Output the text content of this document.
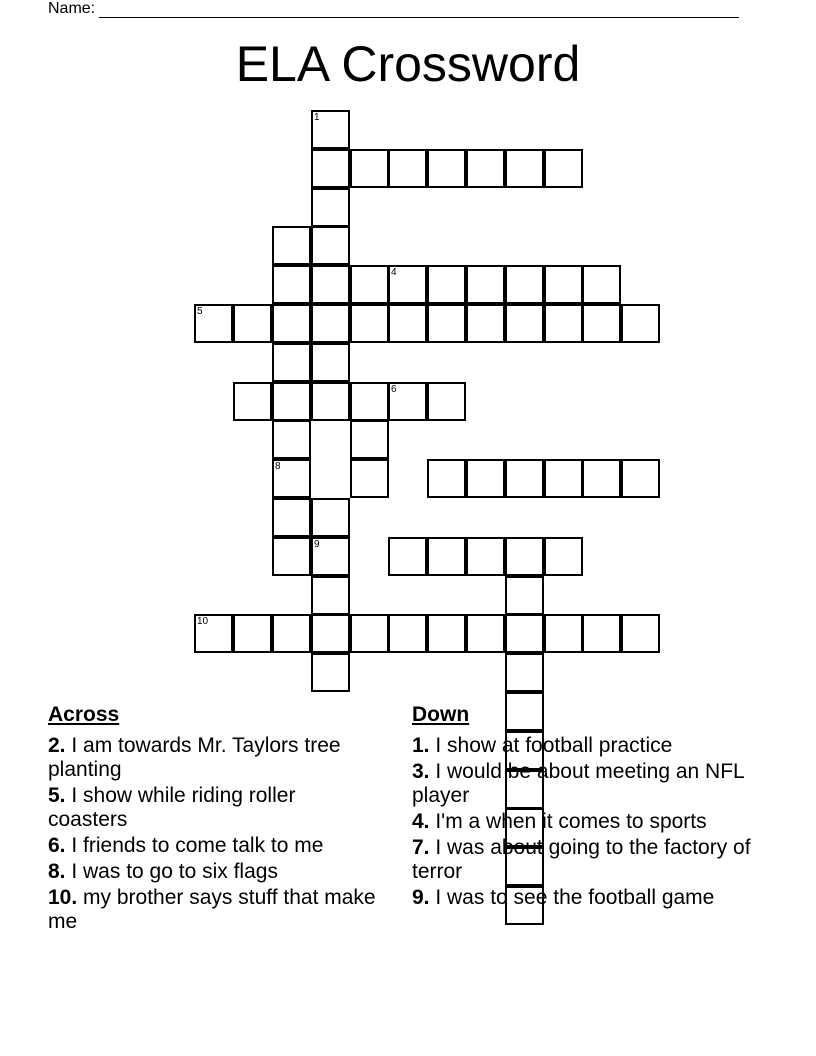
Name:
ELA Crossword
1
8
5
4
6
9
10
Across
2. I am towards Mr. Taylors tree planting
5. I show while riding roller coasters
6. I friends to come talk to me
8. I was to go to six flags
10. my brother says stuff that make me
Down
1. I show at football practice
3. I would be about meeting an NFL player
4. I'm a when it comes to sports
7. I was about going to the factory of terror
9. I was to see the football game
